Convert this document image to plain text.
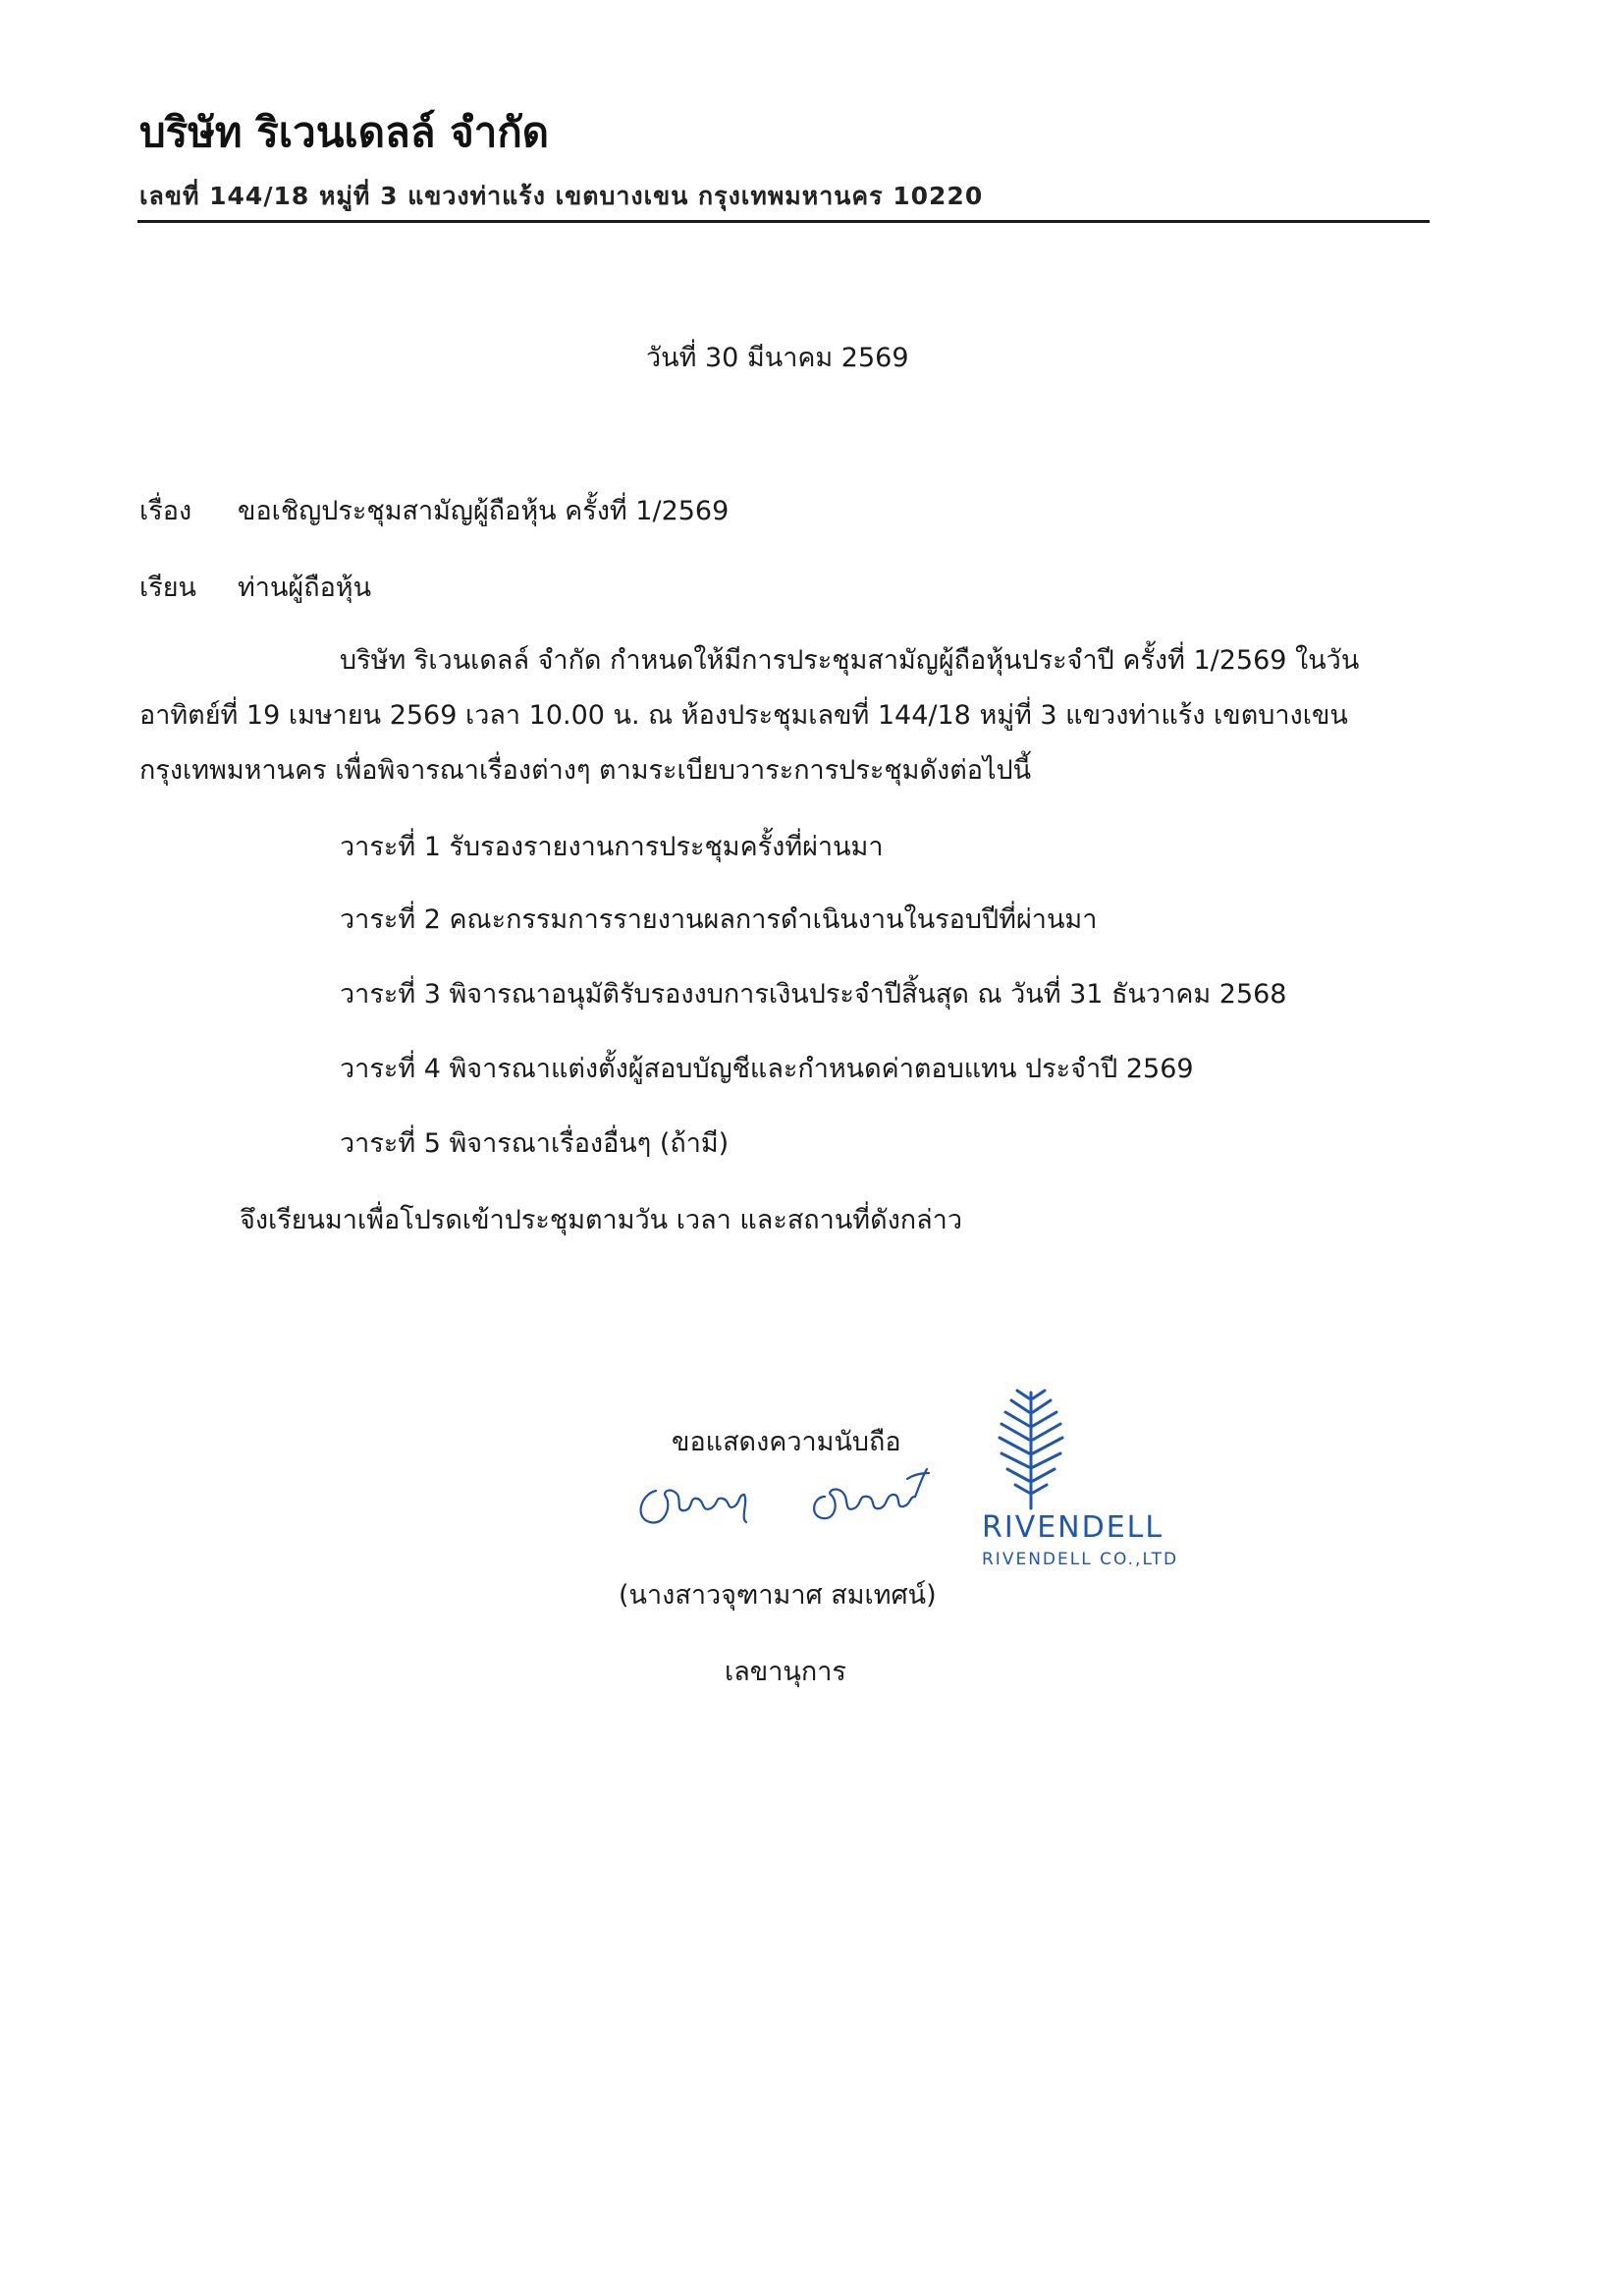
บริษัท ริเวนเดลล์ จำกัด
เลขที่ 144/18 หมู่ที่ 3 แขวงท่าแร้ง เขตบางเขน กรุงเทพมหานคร 10220
วันที่ 30 มีนาคม 2569
เรื่อง ขอเชิญประชุมสามัญผู้ถือหุ้น ครั้งที่ 1/2569
เรียน ท่านผู้ถือหุ้น
บริษัท ริเวนเดลล์ จำกัด กำหนดให้มีการประชุมสามัญผู้ถือหุ้นประจำปี ครั้งที่ 1/2569 ในวัน
อาทิตย์ที่ 19 เมษายน 2569 เวลา 10.00 น. ณ ห้องประชุมเลขที่ 144/18 หมู่ที่ 3 แขวงท่าแร้ง เขตบางเขน
กรุงเทพมหานคร เพื่อพิจารณาเรื่องต่างๆ ตามระเบียบวาระการประชุมดังต่อไปนี้
วาระที่ 1 รับรองรายงานการประชุมครั้งที่ผ่านมา
วาระที่ 2 คณะกรรมการรายงานผลการดำเนินงานในรอบปีที่ผ่านมา
วาระที่ 3 พิจารณาอนุมัติรับรองงบการเงินประจำปีสิ้นสุด ณ วันที่ 31 ธันวาคม 2568
วาระที่ 4 พิจารณาแต่งตั้งผู้สอบบัญชีและกำหนดค่าตอบแทน ประจำปี 2569
วาระที่ 5 พิจารณาเรื่องอื่นๆ (ถ้ามี)
จึงเรียนมาเพื่อโปรดเข้าประชุมตามวัน เวลา และสถานที่ดังกล่าว
ขอแสดงความนับถือ
RIVENDELL
RIVENDELL CO.,LTD
(นางสาวจุฑามาศ สมเทศน์)
เลขานุการ
